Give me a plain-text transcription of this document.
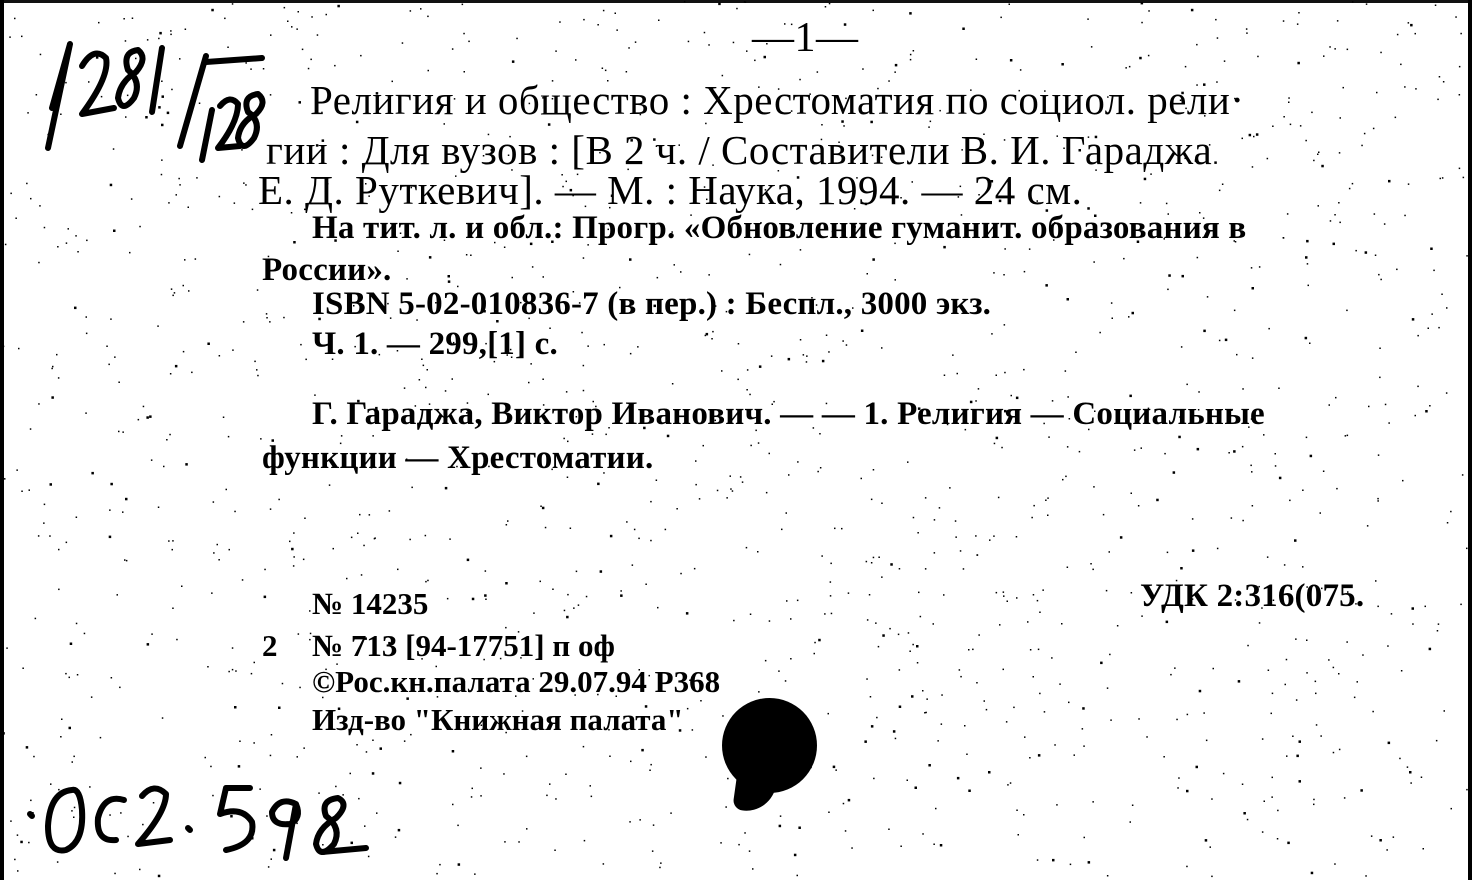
—1—
Религия и общество : Хрестоматия по социол. рели·
гии : Для вузов : [В 2 ч. / Составители В. И. Гараджа
Е. Д. Руткевич]. — М. : Наука, 1994. — 24 см.
На тит. л. и обл.: Прогр. «Обновление гуманит. образования в
России».
ISBN 5-02-010836-7 (в пер.) : Беспл., 3000 экз.
Ч. 1. — 299,[1] с.
Г. Гараджа, Виктор Иванович. — — 1. Религия — Социальные
функции — Хрестоматии.
УДК 2:316(075.
№ 14235
2 № 713 [94-17751] п оф
©Рос.кн.палата 29.07.94 Р368
Изд-во "Книжная палата"
